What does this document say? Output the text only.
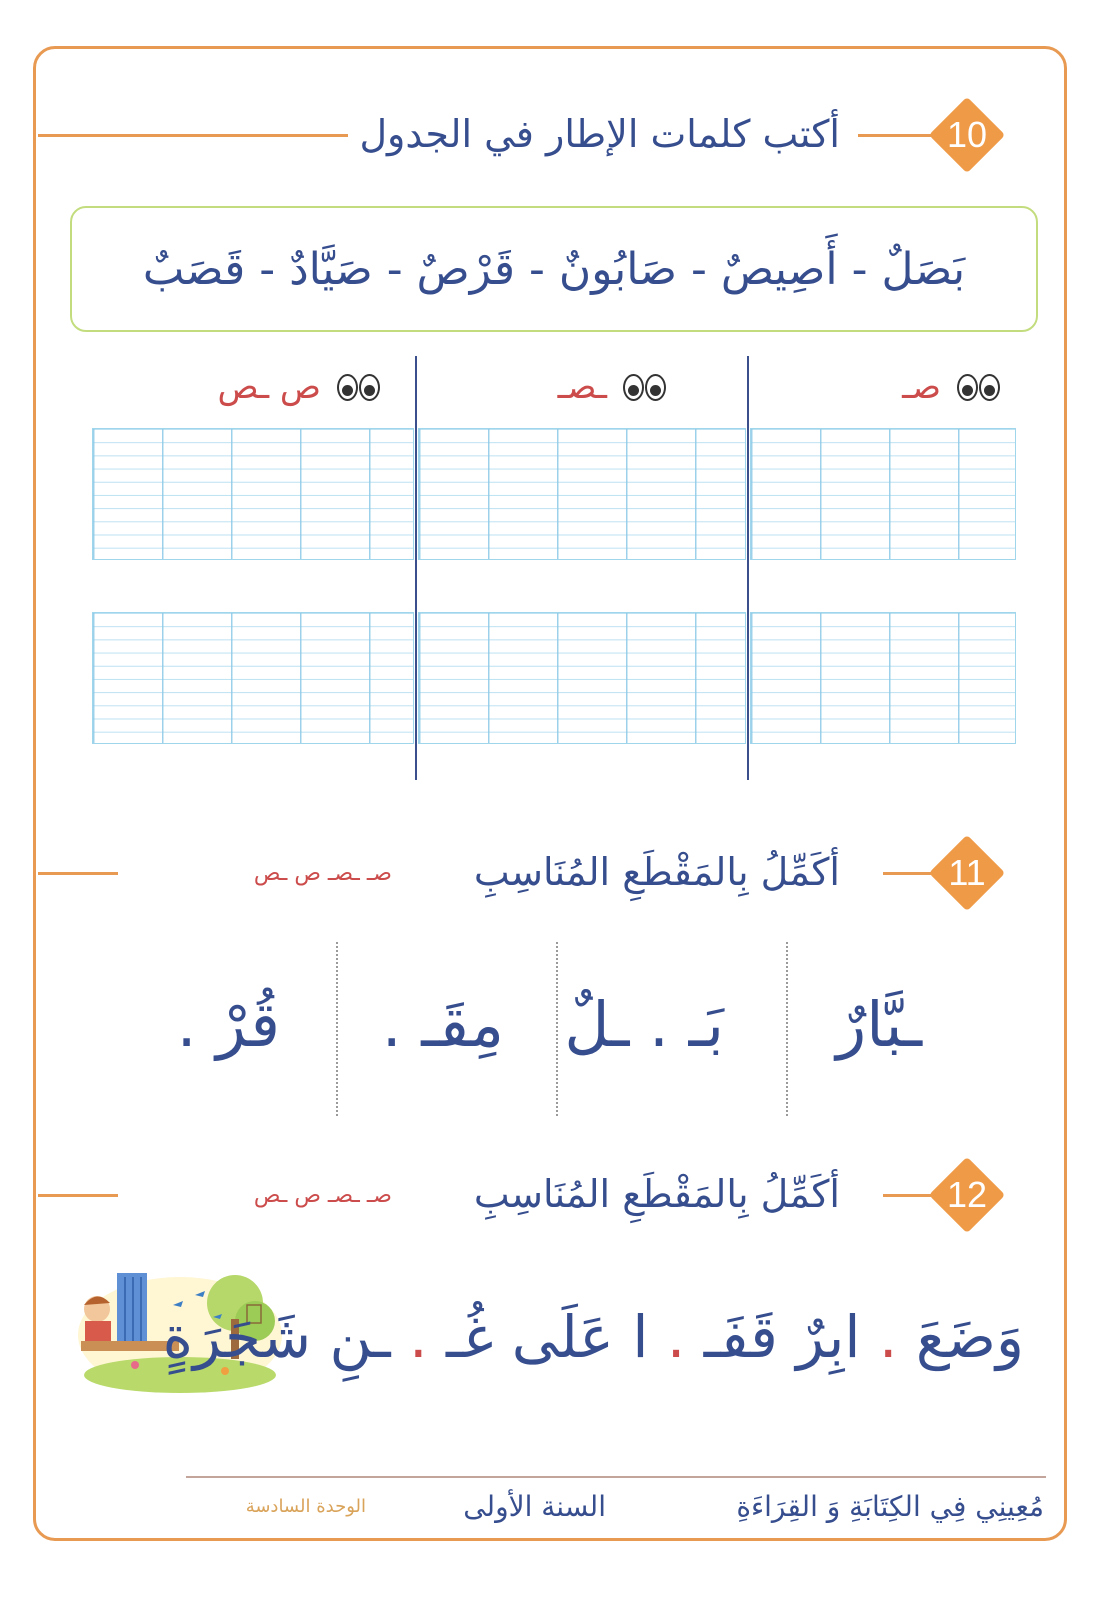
10
أكتب كلمات الإطار في الجدول
بَصَلٌ - أَصِيصٌ - صَابُونٌ - قَرْصٌ - صَيَّادٌ - قَصَبٌ
صـ
ـصـ
ص ـص
11
أكَمِّلُ بِالمَقْطَعِ المُنَاسِبِ
صـ ـصـ ص ـص
ـبَّارٌ
بَـ . ـلٌ
مِقَـ .
قُرْ .
12
أكَمِّلُ بِالمَقْطَعِ المُنَاسِبِ
صـ ـصـ ص ـص
وَضَعَ . ابِرٌ قَفَـ . ا عَلَى غُـ . ـنِ شَجَرَةٍ
مُعِينِي فِي الكِتَابَةِ وَ القِرَاءَةِ
السنة الأولى
الوحدة السادسة
